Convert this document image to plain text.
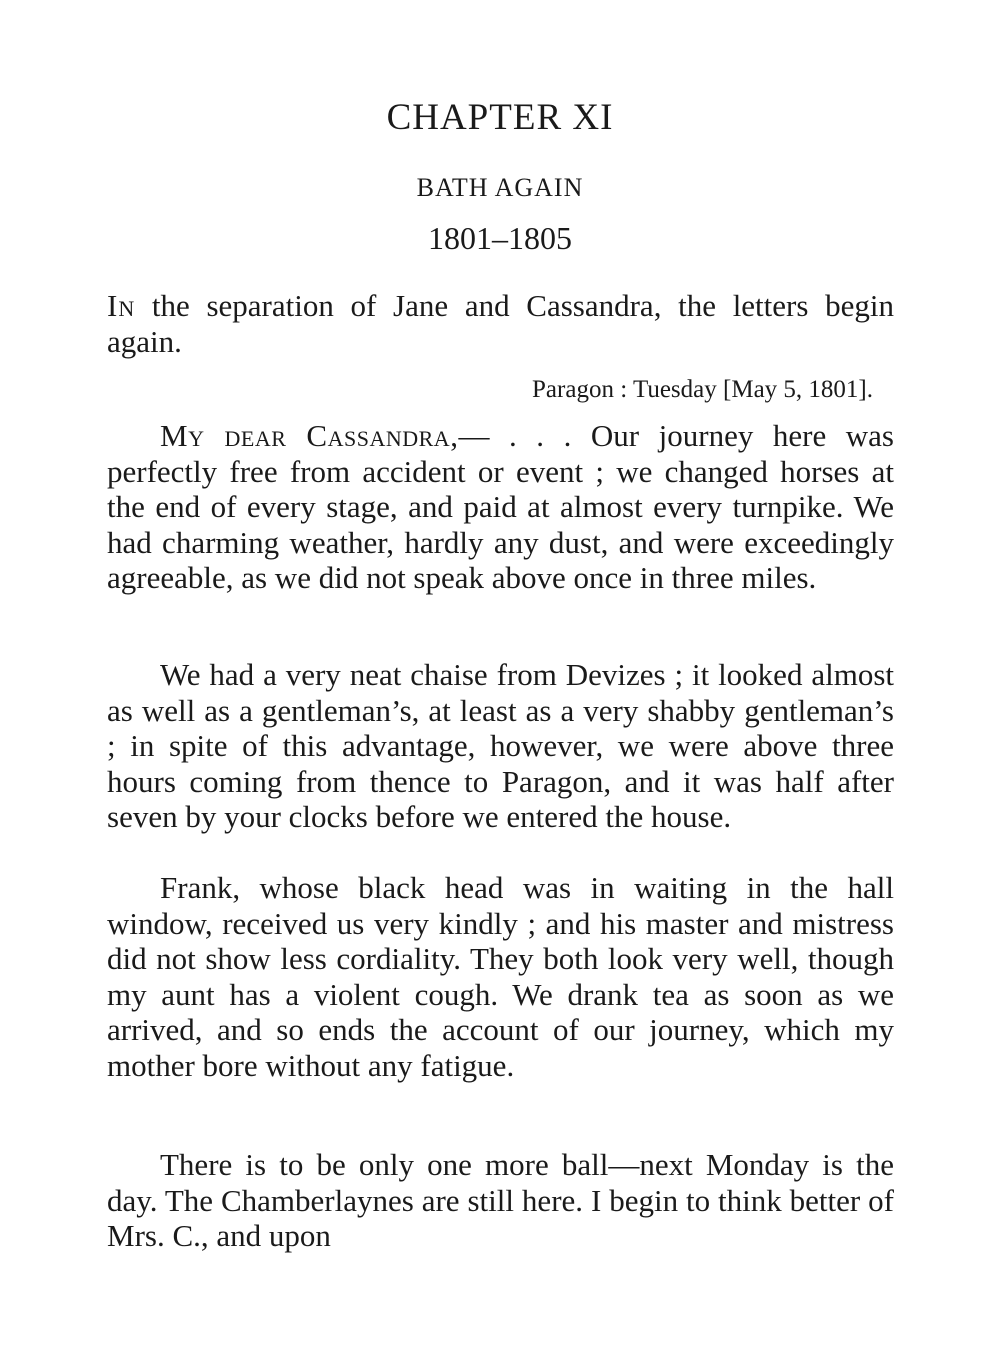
CHAPTER XI
BATH AGAIN
1801–1805

In the separation of Jane and Cassandra, the letters begin again.

Paragon : Tuesday [May 5, 1801].

My dear Cassandra,— . . . Our journey here was perfectly free from accident or event ; we changed horses at the end of every stage, and paid at almost every turnpike. We had charming weather, hardly any dust, and were exceedingly agreeable, as we did not speak above once in three miles.

We had a very neat chaise from Devizes ; it looked almost as well as a gentleman’s, at least as a very shabby gentleman’s ; in spite of this advantage, however, we were above three hours coming from thence to Paragon, and it was half after seven by your clocks before we entered the house.

Frank, whose black head was in waiting in the hall window, received us very kindly ; and his master and mistress did not show less cordiality. They both look very well, though my aunt has a violent cough. We drank tea as soon as we arrived, and so ends the account of our journey, which my mother bore without any fatigue.

There is to be only one more ball—next Monday is the day. The Chamberlaynes are still here. I begin to think better of Mrs. C., and upon
